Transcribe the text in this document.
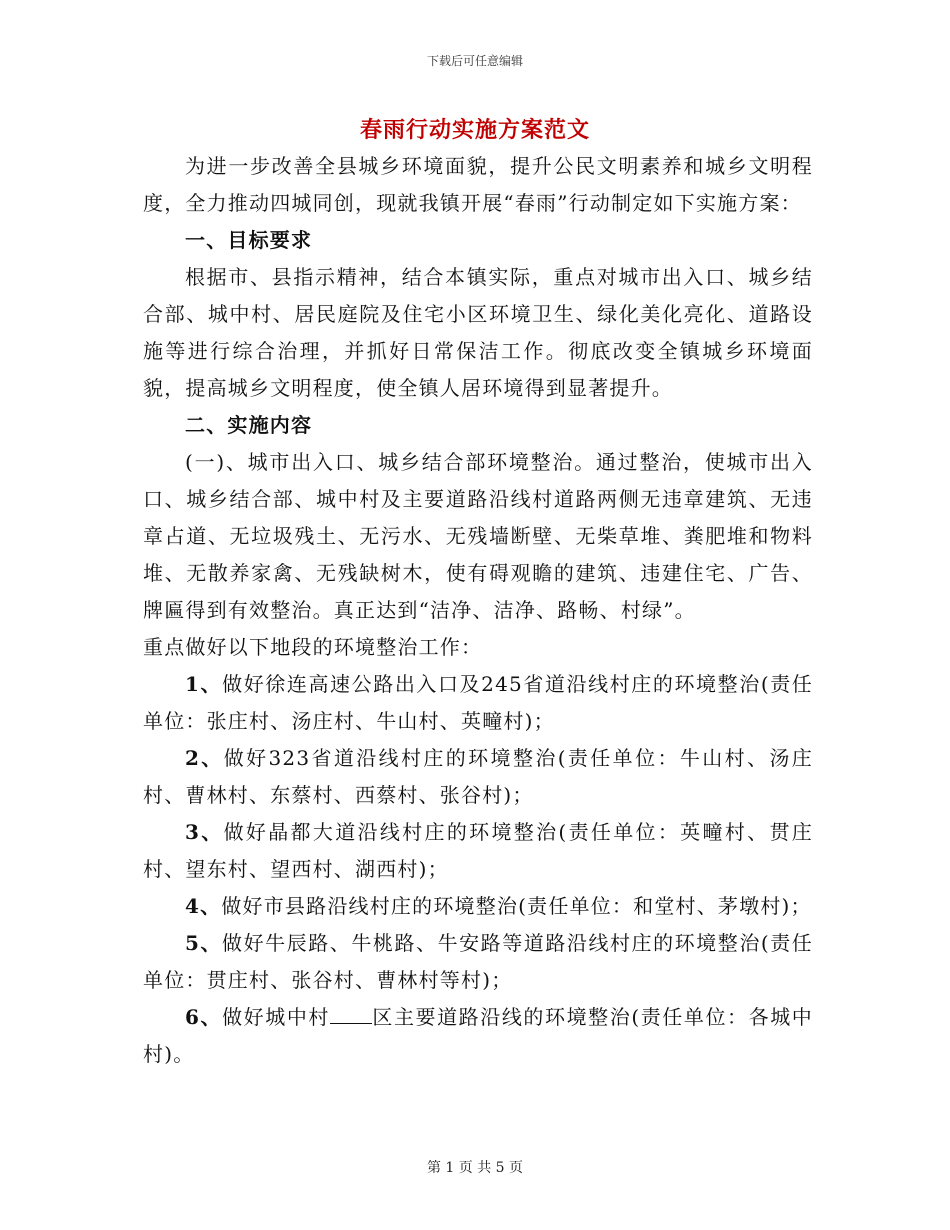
下载后可任意编辑
春雨行动实施方案范文

为进一步改善全县城乡环境面貌，提升公民文明素养和城乡文明程度，全力推动四城同创，现就我镇开展“春雨”行动制定如下实施方案：

一、目标要求

根据市、县指示精神，结合本镇实际，重点对城市出入口、城乡结合部、城中村、居民庭院及住宅小区环境卫生、绿化美化亮化、道路设施等进行综合治理，并抓好日常保洁工作。彻底改变全镇城乡环境面貌，提高城乡文明程度，使全镇人居环境得到显著提升。

二、实施内容

(一)、城市出入口、城乡结合部环境整治。通过整治，使城市出入口、城乡结合部、城中村及主要道路沿线村道路两侧无违章建筑、无违章占道、无垃圾残土、无污水、无残墙断壁、无柴草堆、粪肥堆和物料堆、无散养家禽、无残缺树木，使有碍观瞻的建筑、违建住宅、广告、牌匾得到有效整治。真正达到“洁净、洁净、路畅、村绿”。

重点做好以下地段的环境整治工作：

1、做好徐连高速公路出入口及245省道沿线村庄的环境整治(责任单位：张庄村、汤庄村、牛山村、英疃村)；

2、做好323省道沿线村庄的环境整治(责任单位：牛山村、汤庄村、曹林村、东蔡村、西蔡村、张谷村)；

3、做好晶都大道沿线村庄的环境整治(责任单位：英疃村、贯庄村、望东村、望西村、湖西村)；

4、做好市县路沿线村庄的环境整治(责任单位：和堂村、茅墩村)；

5、做好牛辰路、牛桃路、牛安路等道路沿线村庄的环境整治(责任单位：贯庄村、张谷村、曹林村等村)；

6、做好城中村 区主要道路沿线的环境整治(责任单位：各城中村)。

第 1 页 共 5 页
